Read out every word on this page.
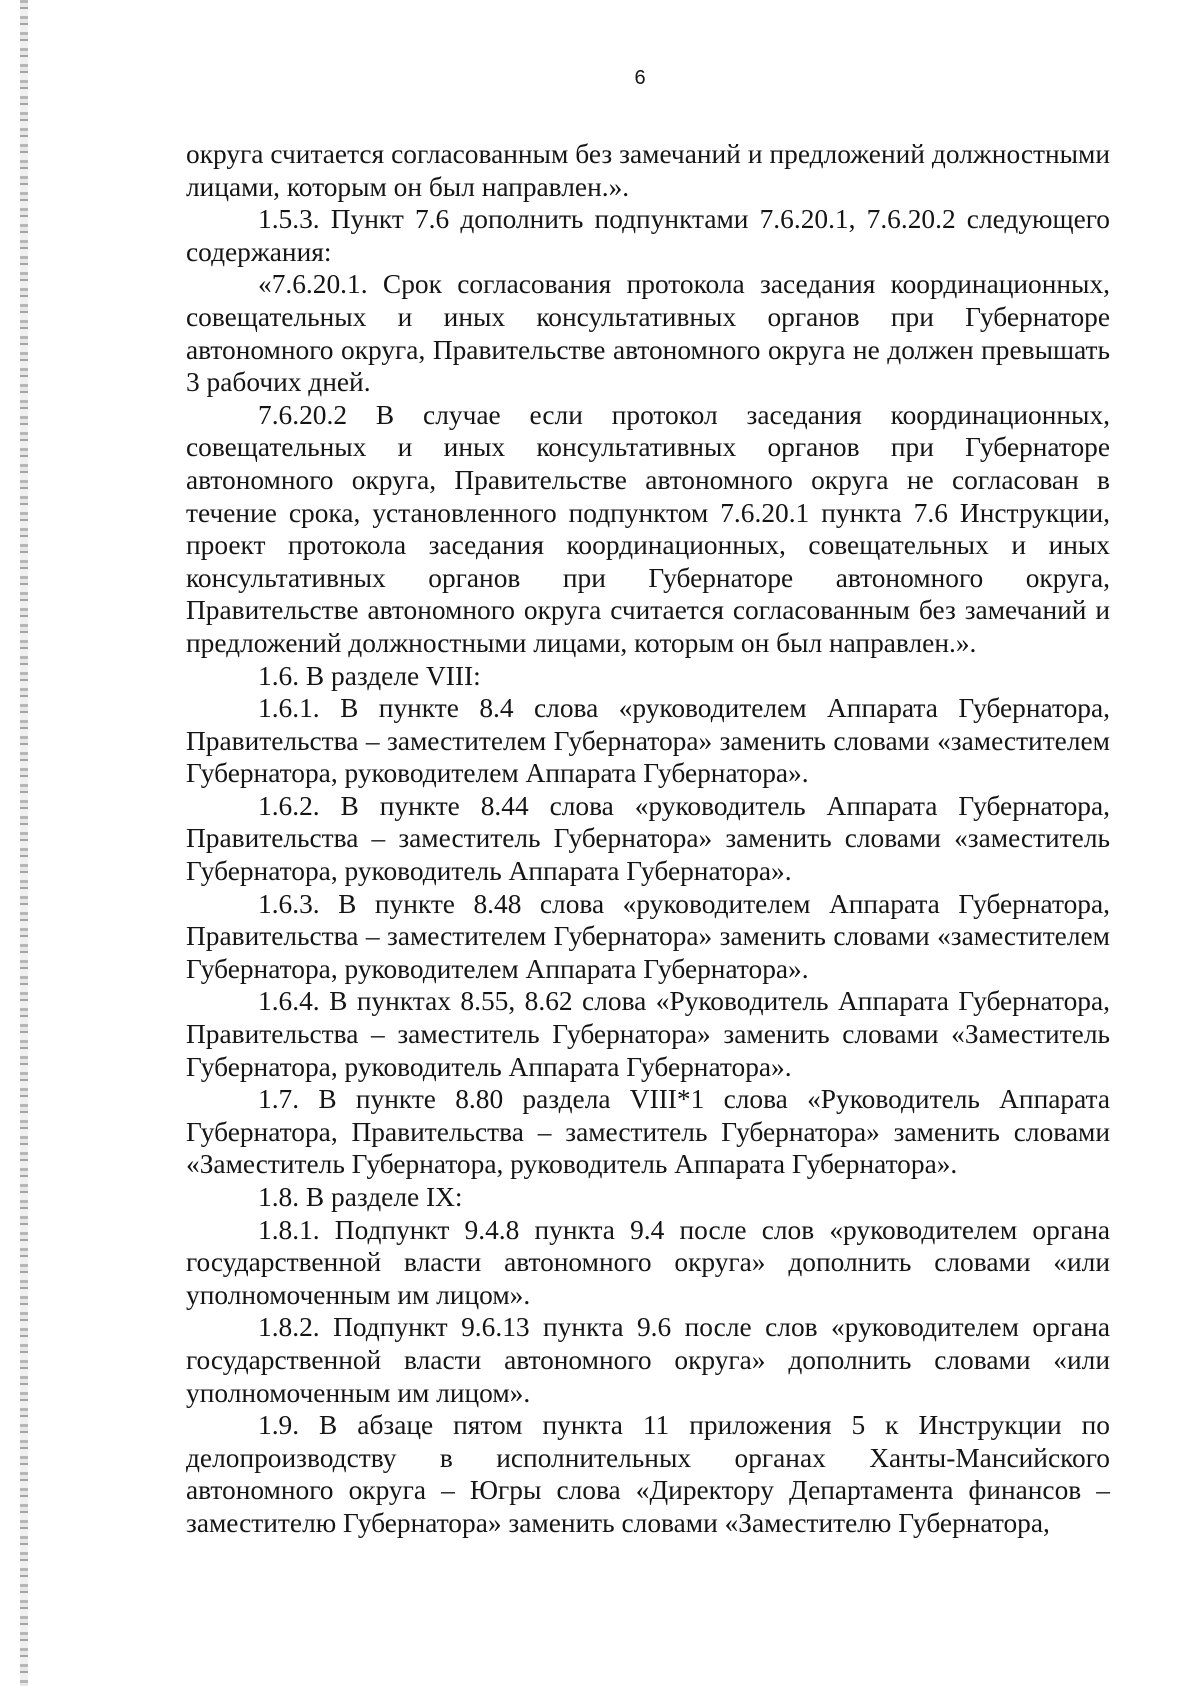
6

округа считается согласованным без замечаний и предложений должностными лицами, которым он был направлен.».

1.5.3. Пункт 7.6 дополнить подпунктами 7.6.20.1, 7.6.20.2 следующего содержания:

«7.6.20.1. Срок согласования протокола заседания координационных, совещательных и иных консультативных органов при Губернаторе автономного округа, Правительстве автономного округа не должен превышать 3 рабочих дней.

7.6.20.2 В случае если протокол заседания координационных, совещательных и иных консультативных органов при Губернаторе автономного округа, Правительстве автономного округа не согласован в течение срока, установленного подпунктом 7.6.20.1 пункта 7.6 Инструкции, проект протокола заседания координационных, совещательных и иных консультативных органов при Губернаторе автономного округа, Правительстве автономного округа считается согласованным без замечаний и предложений должностными лицами, которым он был направлен.».

1.6. В разделе VIII:

1.6.1. В пункте 8.4 слова «руководителем Аппарата Губернатора, Правительства – заместителем Губернатора» заменить словами «заместителем Губернатора, руководителем Аппарата Губернатора».

1.6.2. В пункте 8.44 слова «руководитель Аппарата Губернатора, Правительства – заместитель Губернатора» заменить словами «заместитель Губернатора, руководитель Аппарата Губернатора».

1.6.3. В пункте 8.48 слова «руководителем Аппарата Губернатора, Правительства – заместителем Губернатора» заменить словами «заместителем Губернатора, руководителем Аппарата Губернатора».

1.6.4. В пунктах 8.55, 8.62 слова «Руководитель Аппарата Губернатора, Правительства – заместитель Губернатора» заменить словами «Заместитель Губернатора, руководитель Аппарата Губернатора».

1.7. В пункте 8.80 раздела VIII*1 слова «Руководитель Аппарата Губернатора, Правительства – заместитель Губернатора» заменить словами «Заместитель Губернатора, руководитель Аппарата Губернатора».

1.8. В разделе IX:

1.8.1. Подпункт 9.4.8 пункта 9.4 после слов «руководителем органа государственной власти автономного округа» дополнить словами «или уполномоченным им лицом».

1.8.2. Подпункт 9.6.13 пункта 9.6 после слов «руководителем органа государственной власти автономного округа» дополнить словами «или уполномоченным им лицом».

1.9. В абзаце пятом пункта 11 приложения 5 к Инструкции по делопроизводству в исполнительных органах Ханты-Мансийского автономного округа – Югры слова «Директору Департамента финансов – заместителю Губернатора» заменить словами «Заместителю Губернатора,
